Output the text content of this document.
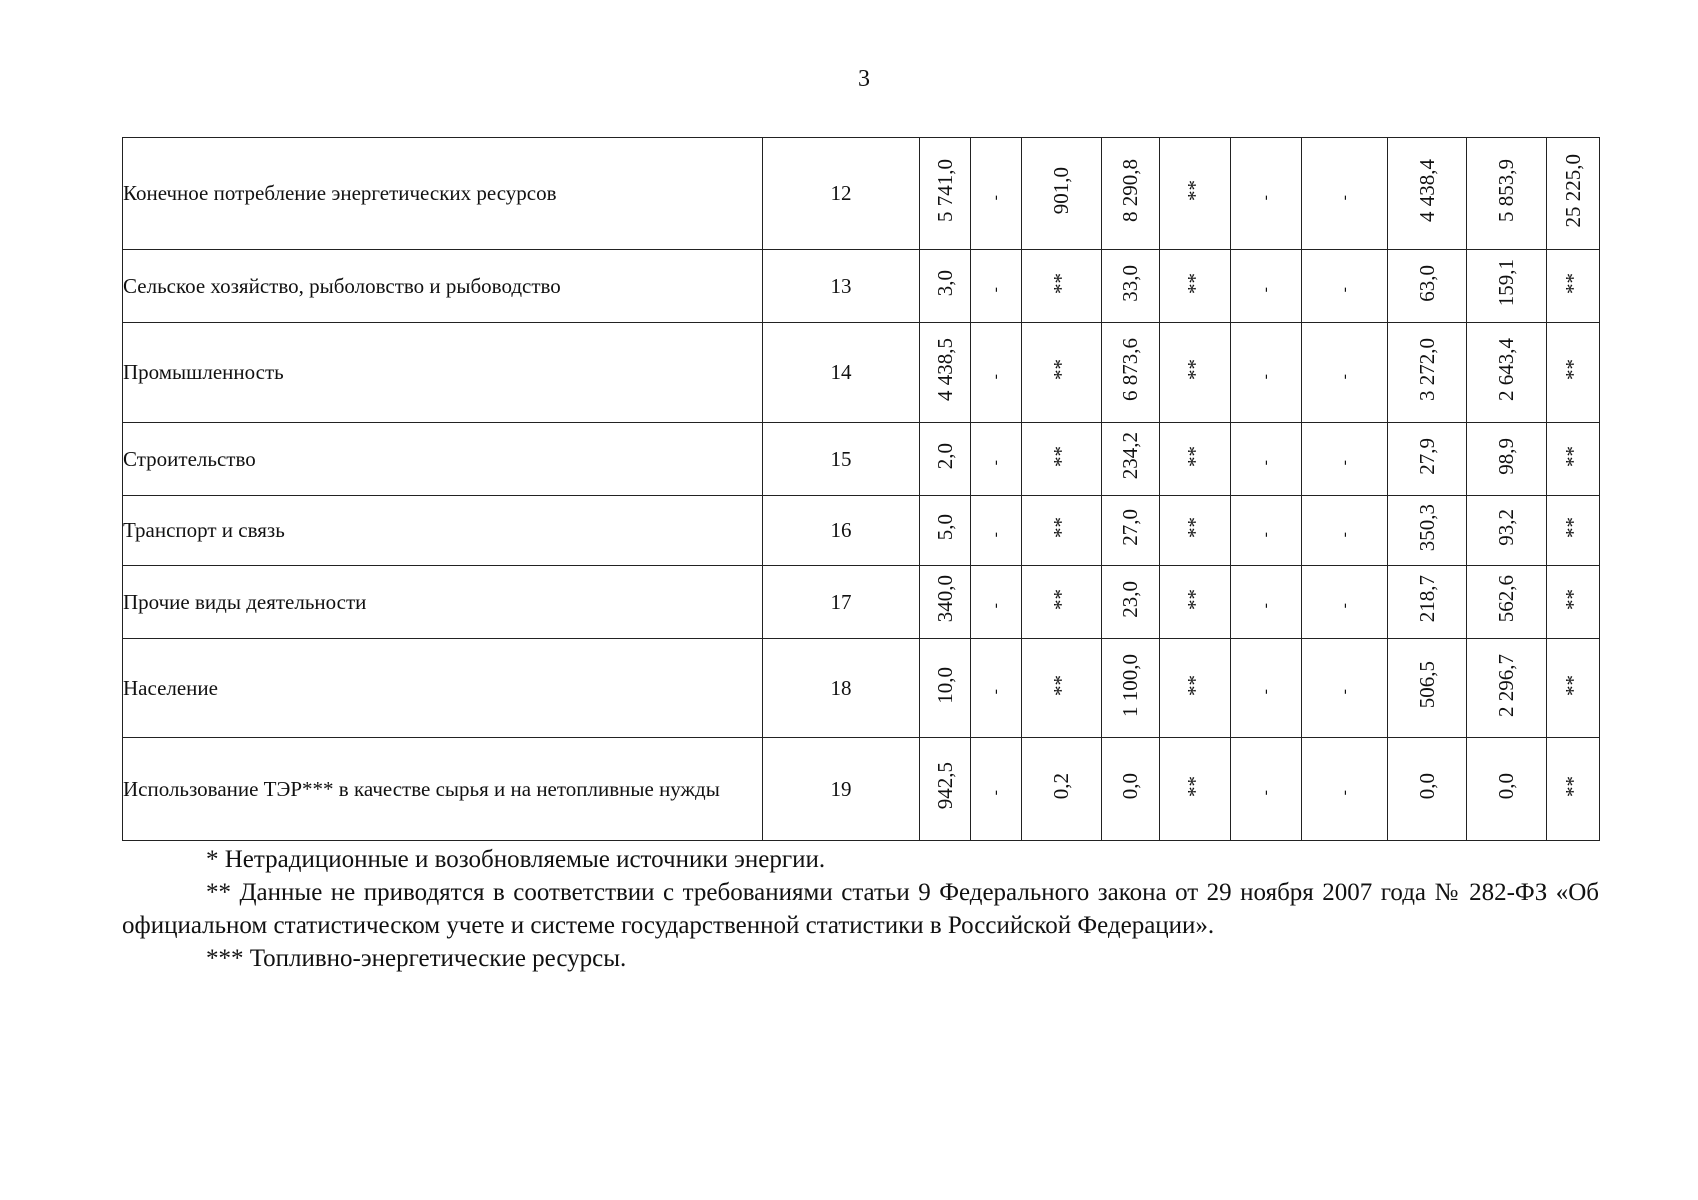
3
Конечное потребление энергетических ресурсов	12	5 741,0	-	901,0	8 290,8	**	-	-	4 438,4	5 853,9	25 225,0
Сельское хозяйство, рыболовство и рыбоводство	13	3,0	-	**	33,0	**	-	-	63,0	159,1	**
Промышленность	14	4 438,5	-	**	6 873,6	**	-	-	3 272,0	2 643,4	**
Строительство	15	2,0	-	**	234,2	**	-	-	27,9	98,9	**
Транспорт и связь	16	5,0	-	**	27,0	**	-	-	350,3	93,2	**
Прочие виды деятельности	17	340,0	-	**	23,0	**	-	-	218,7	562,6	**
Население	18	10,0	-	**	1 100,0	**	-	-	506,5	2 296,7	**
Использование ТЭР*** в качестве сырья и на нетопливные нужды	19	942,5	-	0,2	0,0	**	-	-	0,0	0,0	**

* Нетрадиционные и возобновляемые источники энергии.

** Данные не приводятся в соответствии с требованиями статьи 9 Федерального закона от 29 ноября 2007 года № 282-ФЗ «Об официальном статистическом учете и системе государственной статистики в Российской Федерации».

*** Топливно-энергетические ресурсы.
